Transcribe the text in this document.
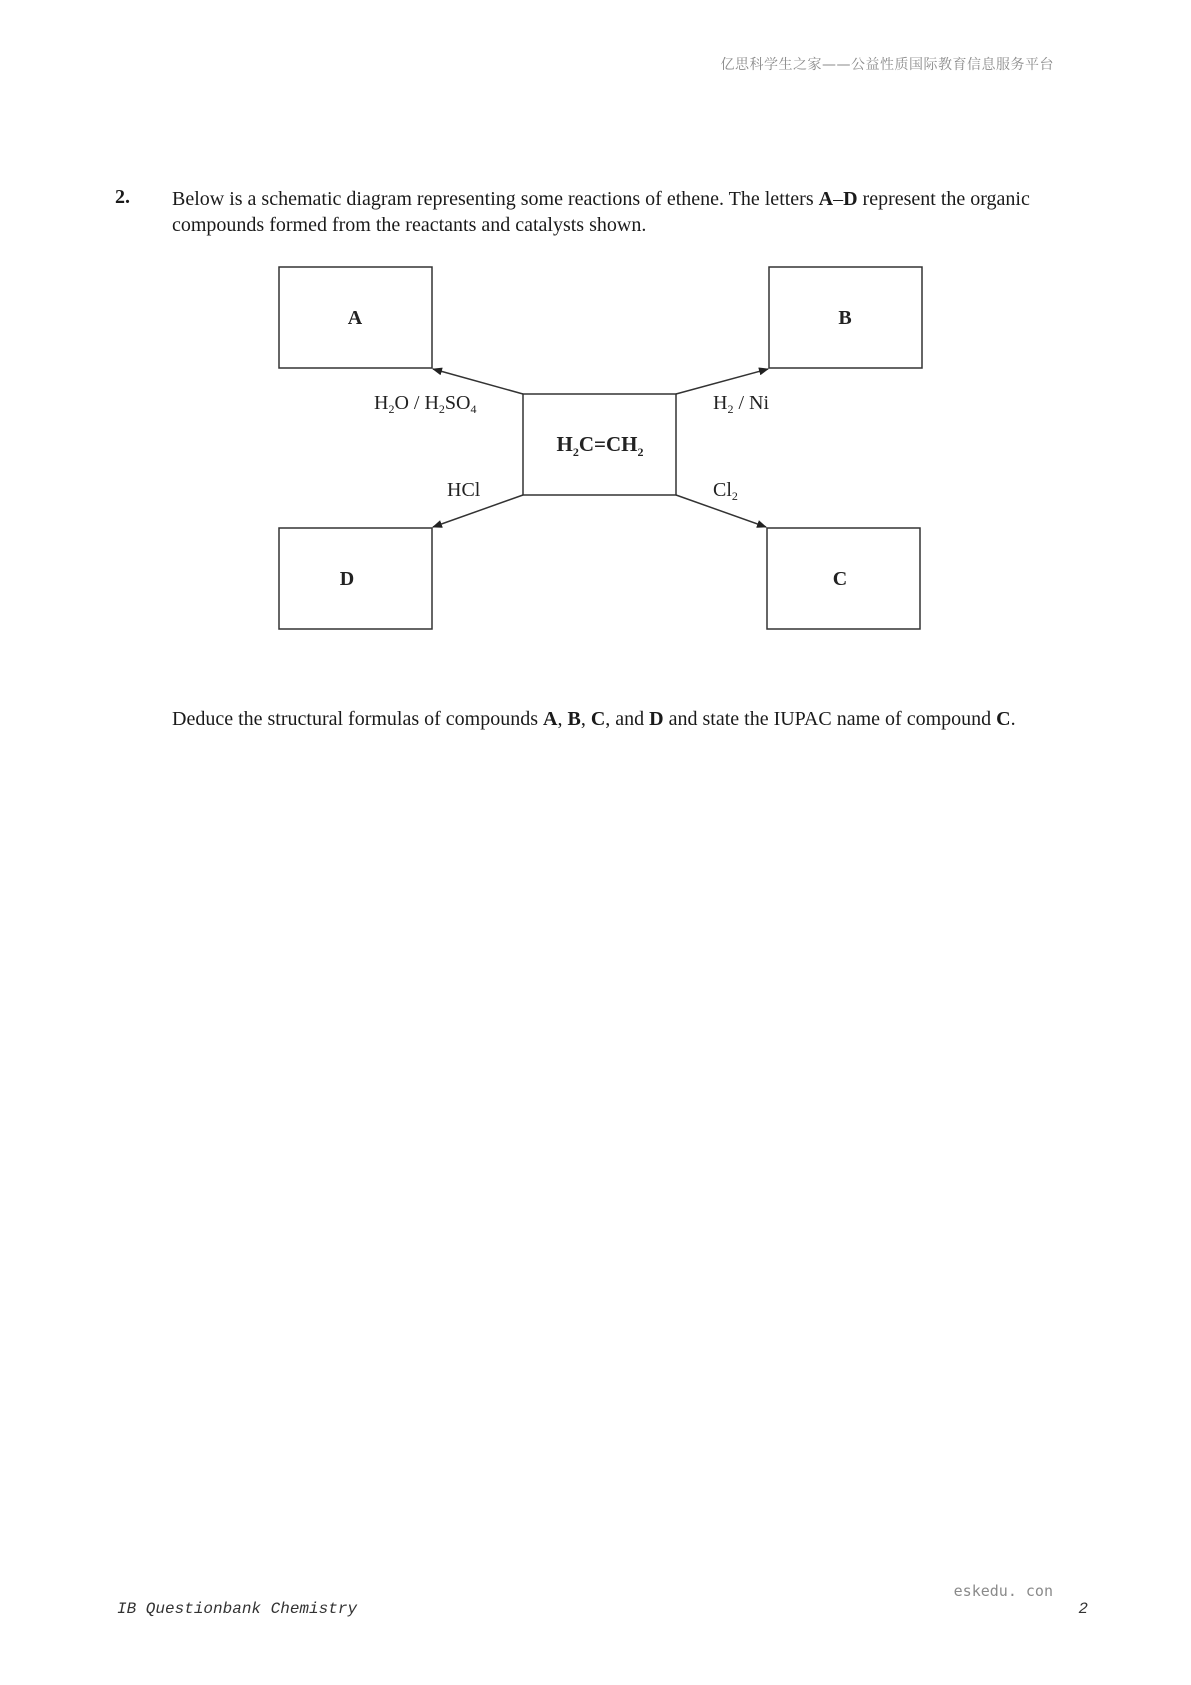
亿思科学生之家——公益性质国际教育信息服务平台
2. Below is a schematic diagram representing some reactions of ethene. The letters A–D represent the organic compounds formed from the reactants and catalysts shown.
A	B
D	C
$H_2C=CH_2$
$H_2O / H_2SO_4$	$H_2$ / Ni
HCl	$Cl_2$
Deduce the structural formulas of compounds A, B, C, and D and state the IUPAC name of compound C.
eskedu. con
IB Questionbank Chemistry	2
